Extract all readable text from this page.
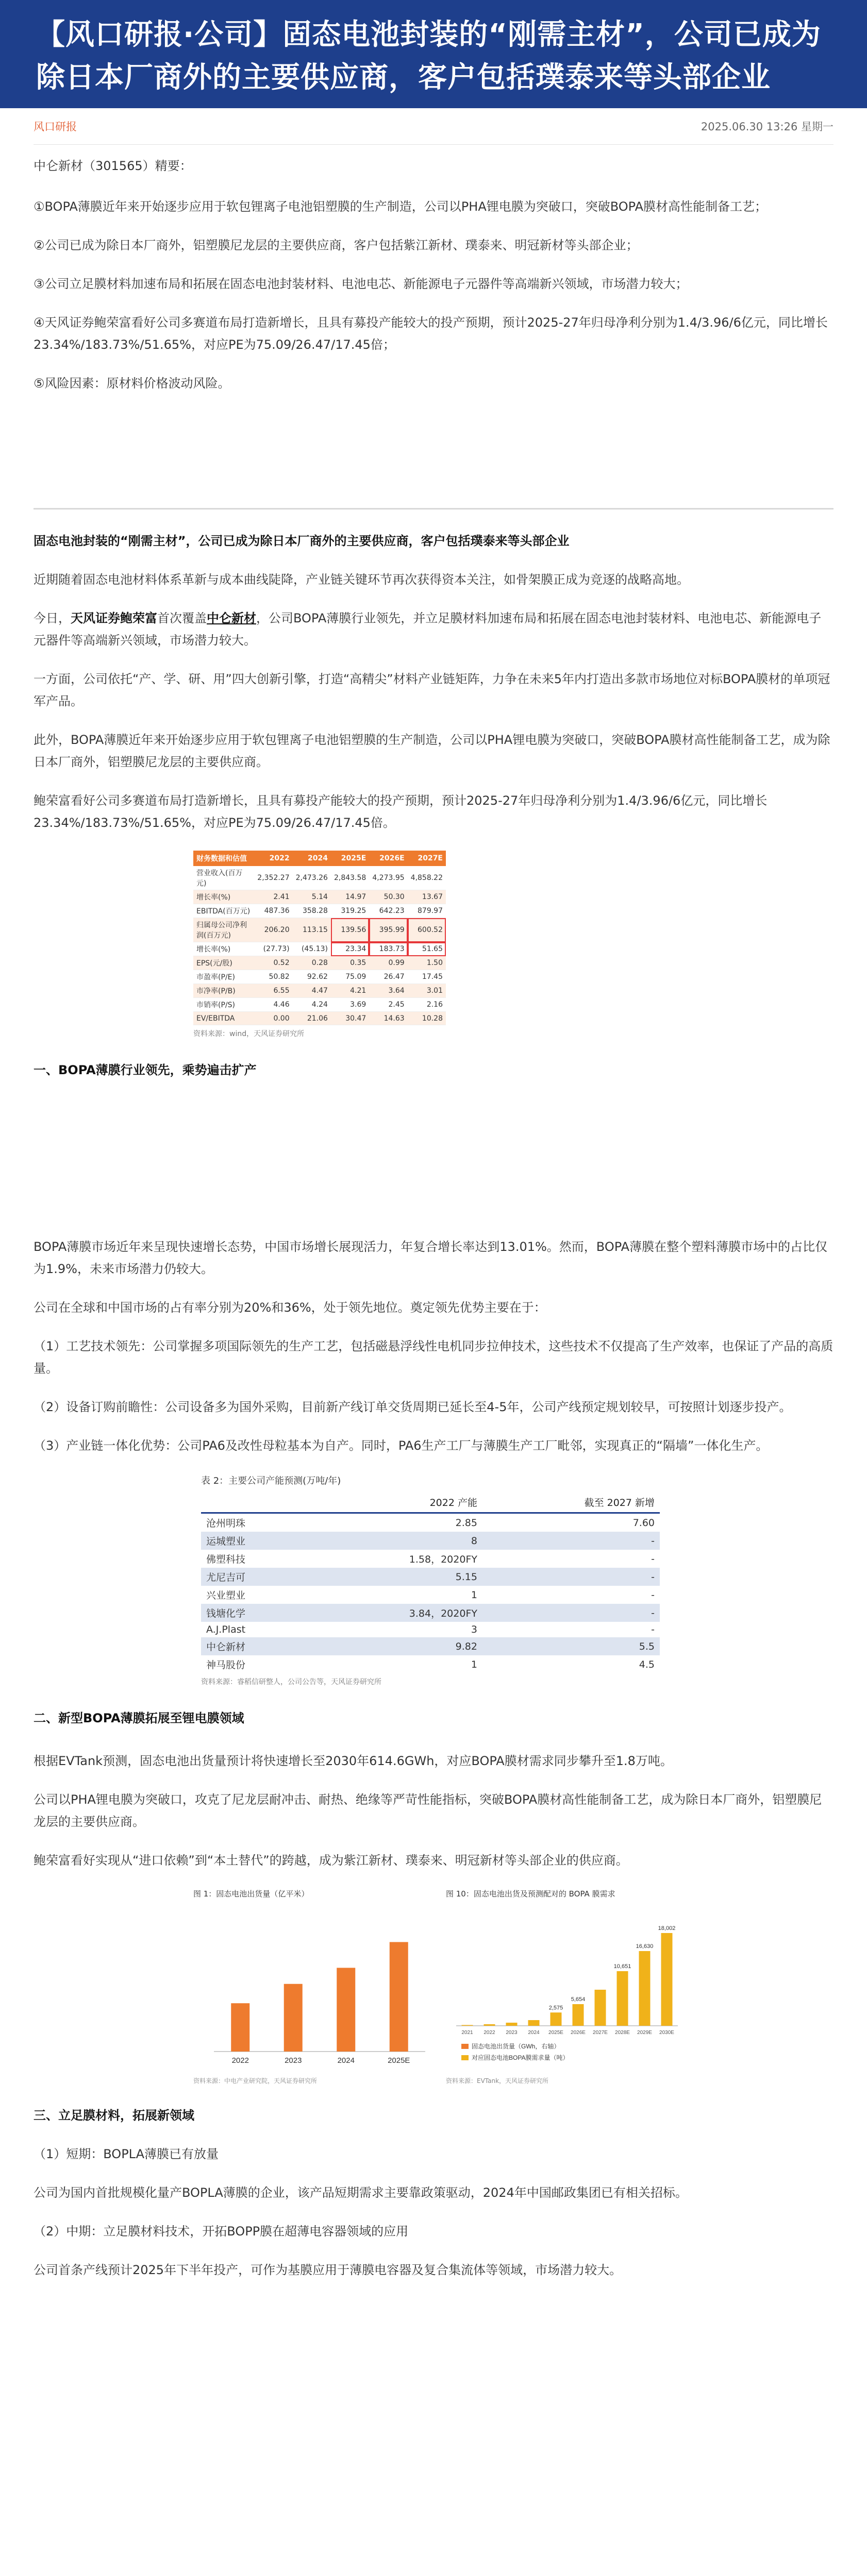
【风口研报·公司】固态电池封装的“刚需主材”，公司已成为除日本厂商外的主要供应商，客户包括璞泰来等头部企业
风口研报	2025.06.30 13:26 星期一

中仑新材（301565）精要：

①BOPA薄膜近年来开始逐步应用于软包锂离子电池铝塑膜的生产制造，公司以PHA锂电膜为突破口，突破BOPA膜材高性能制备工艺；

②公司已成为除日本厂商外，铝塑膜尼龙层的主要供应商，客户包括紫江新材、璞泰来、明冠新材等头部企业；

③公司立足膜材料加速布局和拓展在固态电池封装材料、电池电芯、新能源电子元器件等高端新兴领域，市场潜力较大；

④天风证券鲍荣富看好公司多赛道布局打造新增长，且具有募投产能较大的投产预期，预计2025-27年归母净利分别为1.4/3.96/6亿元，同比增长23.34%/183.73%/51.65%，对应PE为75.09/26.47/17.45倍；

⑤风险因素：原材料价格波动风险。

固态电池封装的“刚需主材”，公司已成为除日本厂商外的主要供应商，客户包括璞泰来等头部企业

近期随着固态电池材料体系革新与成本曲线陡降，产业链关键环节再次获得资本关注，如骨架膜正成为竞逐的战略高地。

今日，天风证券鲍荣富首次覆盖中仑新材，公司BOPA薄膜行业领先，并立足膜材料加速布局和拓展在固态电池封装材料、电池电芯、新能源电子元器件等高端新兴领域，市场潜力较大。

一方面，公司依托“产、学、研、用”四大创新引擎，打造“高精尖”材料产业链矩阵，力争在未来5年内打造出多款市场地位对标BOPA膜材的单项冠军产品。

此外，BOPA薄膜近年来开始逐步应用于软包锂离子电池铝塑膜的生产制造，公司以PHA锂电膜为突破口，突破BOPA膜材高性能制备工艺，成为除日本厂商外，铝塑膜尼龙层的主要供应商。

鲍荣富看好公司多赛道布局打造新增长，且具有募投产能较大的投产预期，预计2025-27年归母净利分别为1.4/3.96/6亿元，同比增长23.34%/183.73%/51.65%，对应PE为75.09/26.47/17.45倍。

财务数据和估值	2022	2024	2025E	2026E	2027E
营业收入(百万元)	2,352.27	2,473.26	2,843.58	4,273.95	4,858.22
增长率(%)	2.41	5.14	14.97	50.30	13.67
EBITDA(百万元)	487.36	358.28	319.25	642.23	879.97
归属母公司净利润(百万元)	206.20	113.15	139.56	395.99	600.52
增长率(%)	(27.73)	(45.13)	23.34	183.73	51.65
EPS(元/股)	0.52	0.28	0.35	0.99	1.50
市盈率(P/E)	50.82	92.62	75.09	26.47	17.45
市净率(P/B)	6.55	4.47	4.21	3.64	3.01
市销率(P/S)	4.46	4.24	3.69	2.45	2.16
EV/EBITDA	0.00	21.06	30.47	14.63	10.28
资料来源：wind，天风证券研究所

一、BOPA薄膜行业领先，乘势遍击扩产

BOPA薄膜市场近年来呈现快速增长态势，中国市场增长展现活力，年复合增长率达到13.01%。然而，BOPA薄膜在整个塑料薄膜市场中的占比仅为1.9%，未来市场潜力仍较大。

公司在全球和中国市场的占有率分别为20%和36%，处于领先地位。奠定领先优势主要在于：

（1）工艺技术领先：公司掌握多项国际领先的生产工艺，包括磁悬浮线性电机同步拉伸技术，这些技术不仅提高了生产效率，也保证了产品的高质量。

（2）设备订购前瞻性：公司设备多为国外采购，目前新产线订单交货周期已延长至4-5年，公司产线预定规划较早，可按照计划逐步投产。

（3）产业链一体化优势：公司PA6及改性母粒基本为自产。同时，PA6生产工厂与薄膜生产工厂毗邻，实现真正的“隔墙”一体化生产。

表 2：主要公司产能预测(万吨/年)
	2022 产能	截至 2027 新增
沧州明珠	2.85	7.60
运城塑业	8	-
佛塑科技	1.58，2020FY	-
尤尼吉可	5.15	-
兴业塑业	1	-
钱塘化学	3.84，2020FY	-
A.J.Plast	3	-
中仑新材	9.82	5.5
神马股份	1	4.5
资料来源：睿稻信研整人，公司公告等，天风证券研究所

二、新型BOPA薄膜拓展至锂电膜领域

根据EVTank预测，固态电池出货量预计将快速增长至2030年614.6GWh，对应BOPA膜材需求同步攀升至1.8万吨。

公司以PHA锂电膜为突破口，攻克了尼龙层耐冲击、耐热、绝缘等严苛性能指标，突破BOPA膜材高性能制备工艺，成为除日本厂商外，铝塑膜尼龙层的主要供应商。

鲍荣富看好实现从“进口依赖”到“本土替代”的跨越，成为紫江新材、璞泰来、明冠新材等头部企业的供应商。

图 1：固态电池出货量（亿平米）
2022	2023	2024	2025E
资料来源：中电产业研究院，天风证券研究所
图 10：固态电池出货及预测配对的 BOPA 膜需求
2021 2022 2023 2024
2,575
2025E
5,654
2026E 2027E
10,651
2028E
16,630
2029E
18,002
2030E
固态电池出货量（GWh，右轴）
对应固态电池BOPA膜需求量（吨）
资料来源：EVTank，天风证券研究所

三、立足膜材料，拓展新领域

（1）短期：BOPLA薄膜已有放量

公司为国内首批规模化量产BOPLA薄膜的企业，该产品短期需求主要靠政策驱动，2024年中国邮政集团已有相关招标。

（2）中期：立足膜材料技术，开拓BOPP膜在超薄电容器领域的应用

公司首条产线预计2025年下半年投产，可作为基膜应用于薄膜电容器及复合集流体等领域，市场潜力较大。
